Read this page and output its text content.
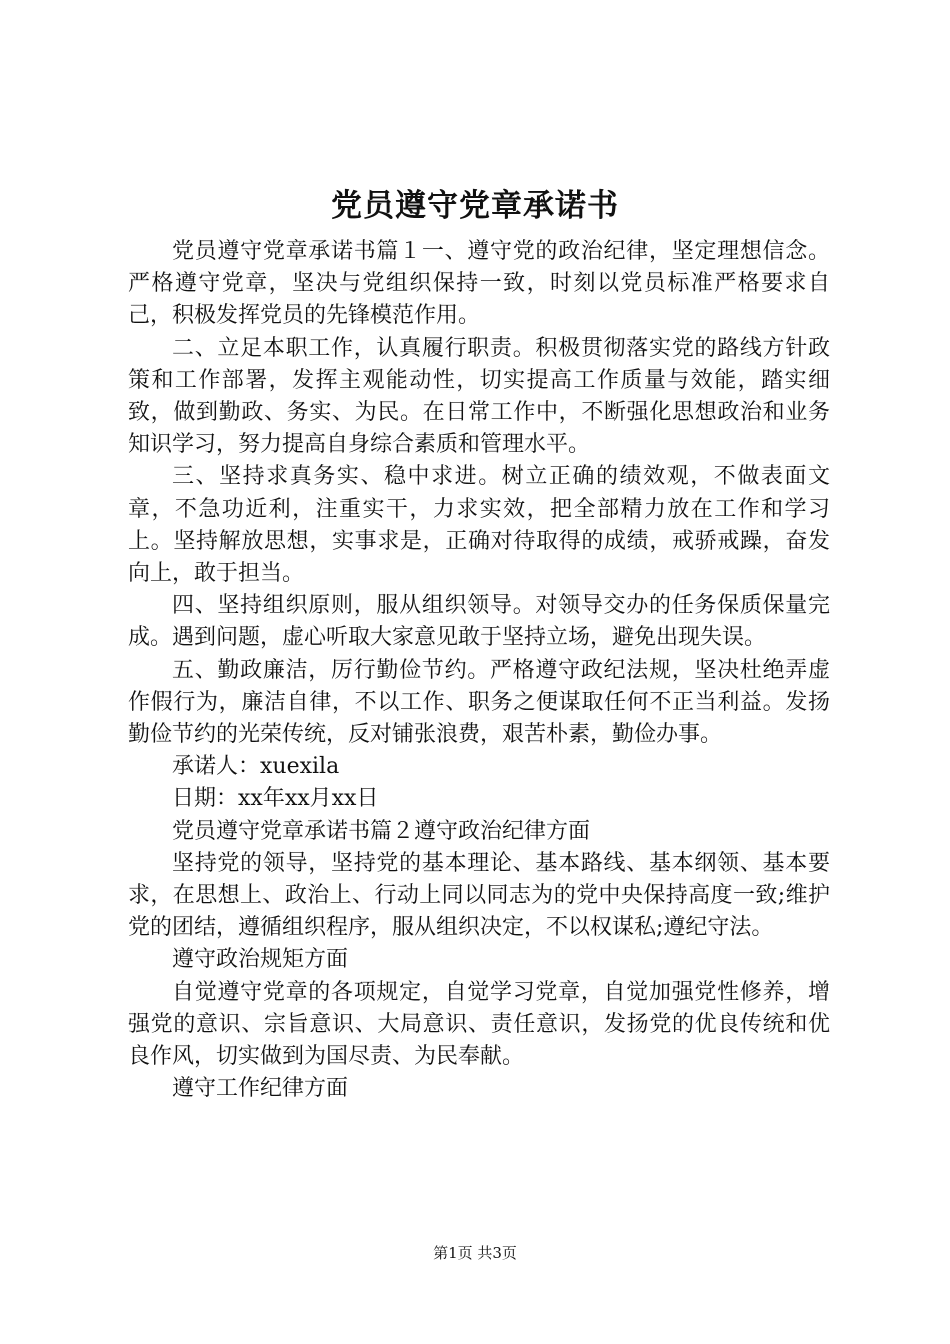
党员遵守党章承诺书

党员遵守党章承诺书篇１一、遵守党的政治纪律，坚定理想信念。严格遵守党章，坚决与党组织保持一致，时刻以党员标准严格要求自己，积极发挥党员的先锋模范作用。

二、立足本职工作，认真履行职责。积极贯彻落实党的路线方针政策和工作部署，发挥主观能动性，切实提高工作质量与效能，踏实细致，做到勤政、务实、为民。在日常工作中，不断强化思想政治和业务知识学习，努力提高自身综合素质和管理水平。

三、坚持求真务实、稳中求进。树立正确的绩效观，不做表面文章，不急功近利，注重实干，力求实效，把全部精力放在工作和学习上。坚持解放思想，实事求是，正确对待取得的成绩，戒骄戒躁，奋发向上，敢于担当。

四、坚持组织原则，服从组织领导。对领导交办的任务保质保量完成。遇到问题，虚心听取大家意见敢于坚持立场，避免出现失误。

五、勤政廉洁，厉行勤俭节约。严格遵守政纪法规，坚决杜绝弄虚作假行为，廉洁自律，不以工作、职务之便谋取任何不正当利益。发扬勤俭节约的光荣传统，反对铺张浪费，艰苦朴素，勤俭办事。

承诺人：xuexila

日期：xx年xx月xx日

党员遵守党章承诺书篇２遵守政治纪律方面

坚持党的领导，坚持党的基本理论、基本路线、基本纲领、基本要求，在思想上、政治上、行动上同以同志为的党中央保持高度一致;维护党的团结，遵循组织程序，服从组织决定，不以权谋私;遵纪守法。

遵守政治规矩方面

自觉遵守党章的各项规定，自觉学习党章，自觉加强党性修养，增强党的意识、宗旨意识、大局意识、责任意识，发扬党的优良传统和优良作风，切实做到为国尽责、为民奉献。

遵守工作纪律方面

第1页 共3页
